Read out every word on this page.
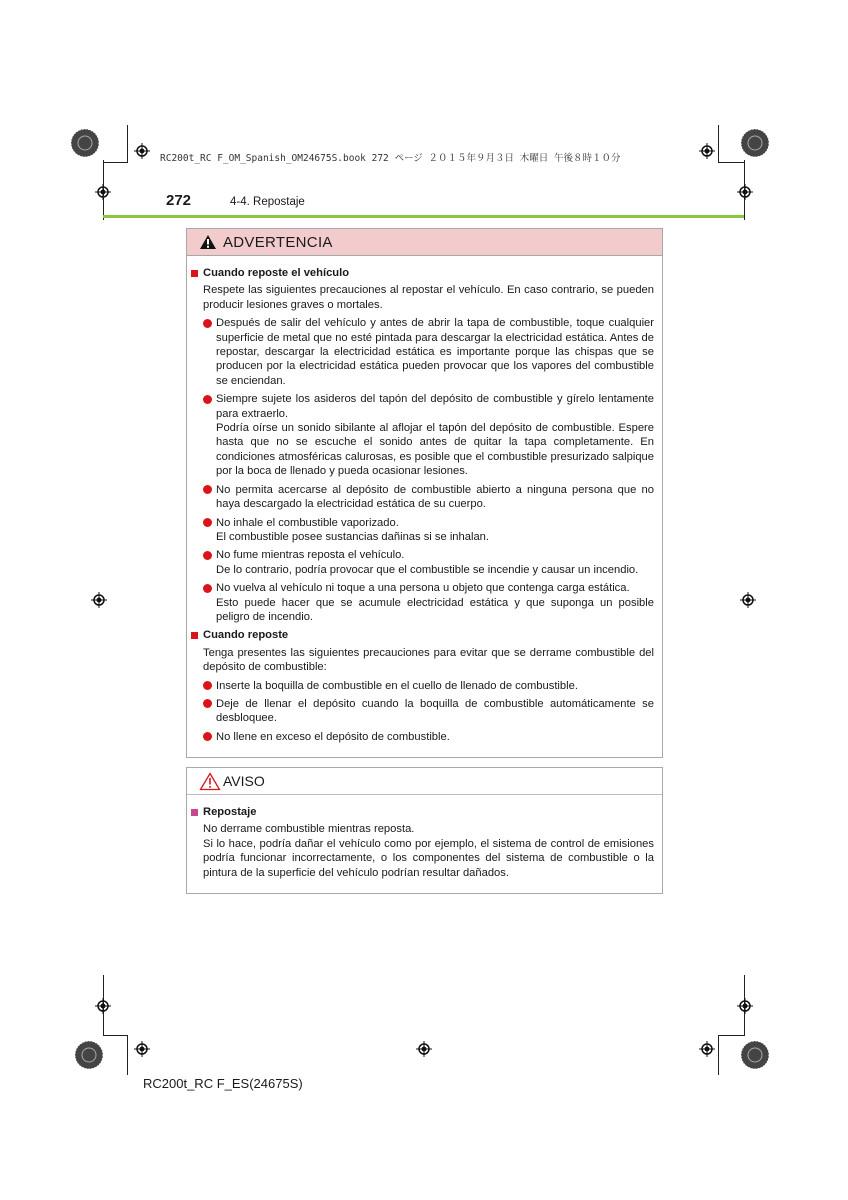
RC200t_RC F_OM_Spanish_OM24675S.book 272 ページ ２０１５年９月３日 木曜日 午後８時１０分
272	4-4. Repostaje
ADVERTENCIA
Cuando reposte el vehículo
Respete las siguientes precauciones al repostar el vehículo. En caso contrario, se pueden producir lesiones graves o mortales.
Después de salir del vehículo y antes de abrir la tapa de combustible, toque cualquier superficie de metal que no esté pintada para descargar la electricidad estática. Antes de repostar, descargar la electricidad estática es importante porque las chispas que se producen por la electricidad estática pueden provocar que los vapores del combustible se enciendan.
Siempre sujete los asideros del tapón del depósito de combustible y gírelo lentamente para extraerlo.
Podría oírse un sonido sibilante al aflojar el tapón del depósito de combustible. Espere hasta que no se escuche el sonido antes de quitar la tapa completamente. En condiciones atmosféricas calurosas, es posible que el combustible presurizado salpique por la boca de llenado y pueda ocasionar lesiones.
No permita acercarse al depósito de combustible abierto a ninguna persona que no haya descargado la electricidad estática de su cuerpo.
No inhale el combustible vaporizado.
El combustible posee sustancias dañinas si se inhalan.
No fume mientras reposta el vehículo.
De lo contrario, podría provocar que el combustible se incendie y causar un incendio.
No vuelva al vehículo ni toque a una persona u objeto que contenga carga estática.
Esto puede hacer que se acumule electricidad estática y que suponga un posible peligro de incendio.
Cuando reposte
Tenga presentes las siguientes precauciones para evitar que se derrame combustible del depósito de combustible:
Inserte la boquilla de combustible en el cuello de llenado de combustible.
Deje de llenar el depósito cuando la boquilla de combustible automáticamente se desbloquee.
No llene en exceso el depósito de combustible.
AVISO
Repostaje
No derrame combustible mientras reposta.
Si lo hace, podría dañar el vehículo como por ejemplo, el sistema de control de emisiones podría funcionar incorrectamente, o los componentes del sistema de combustible o la pintura de la superficie del vehículo podrían resultar dañados.
RC200t_RC F_ES(24675S)
